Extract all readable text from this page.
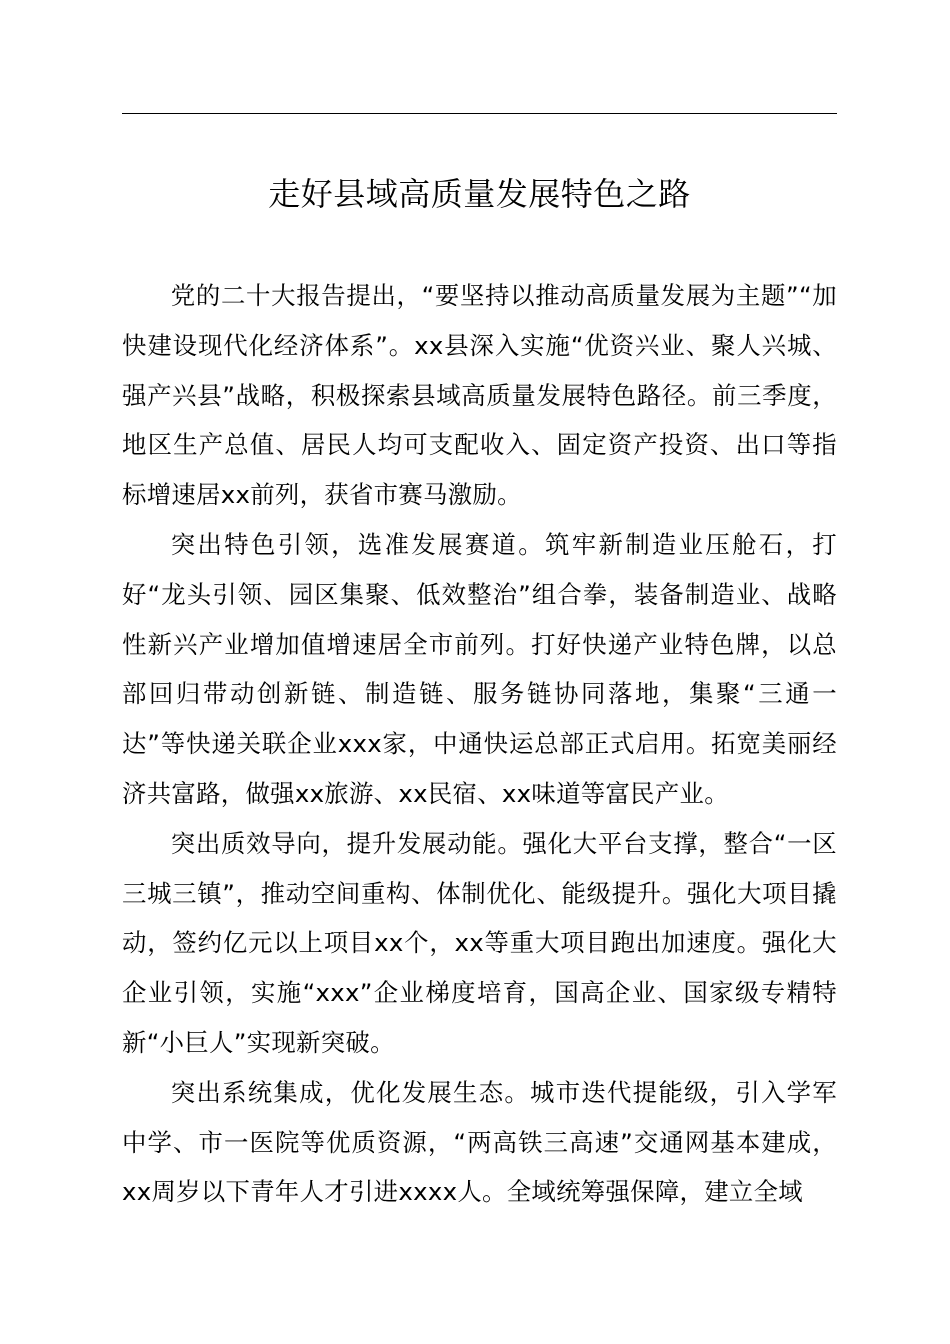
走好县域高质量发展特色之路

党的二十大报告提出，“要坚持以推动高质量发展为主题”“加快建设现代化经济体系”。xx县深入实施“优资兴业、聚人兴城、强产兴县”战略，积极探索县域高质量发展特色路径。前三季度，地区生产总值、居民人均可支配收入、固定资产投资、出口等指标增速居xx前列，获省市赛马激励。

突出特色引领，选准发展赛道。筑牢新制造业压舱石，打好“龙头引领、园区集聚、低效整治”组合拳，装备制造业、战略性新兴产业增加值增速居全市前列。打好快递产业特色牌，以总部回归带动创新链、制造链、服务链协同落地，集聚“三通一达”等快递关联企业xxx家，中通快运总部正式启用。拓宽美丽经济共富路，做强xx旅游、xx民宿、xx味道等富民产业。

突出质效导向，提升发展动能。强化大平台支撑，整合“一区三城三镇”，推动空间重构、体制优化、能级提升。强化大项目撬动，签约亿元以上项目xx个，xx等重大项目跑出加速度。强化大企业引领，实施“xxx”企业梯度培育，国高企业、国家级专精特新“小巨人”实现新突破。

突出系统集成，优化发展生态。城市迭代提能级，引入学军中学、市一医院等优质资源，“两高铁三高速”交通网基本建成，xx周岁以下青年人才引进xxxx人。全域统筹强保障，建立全域
